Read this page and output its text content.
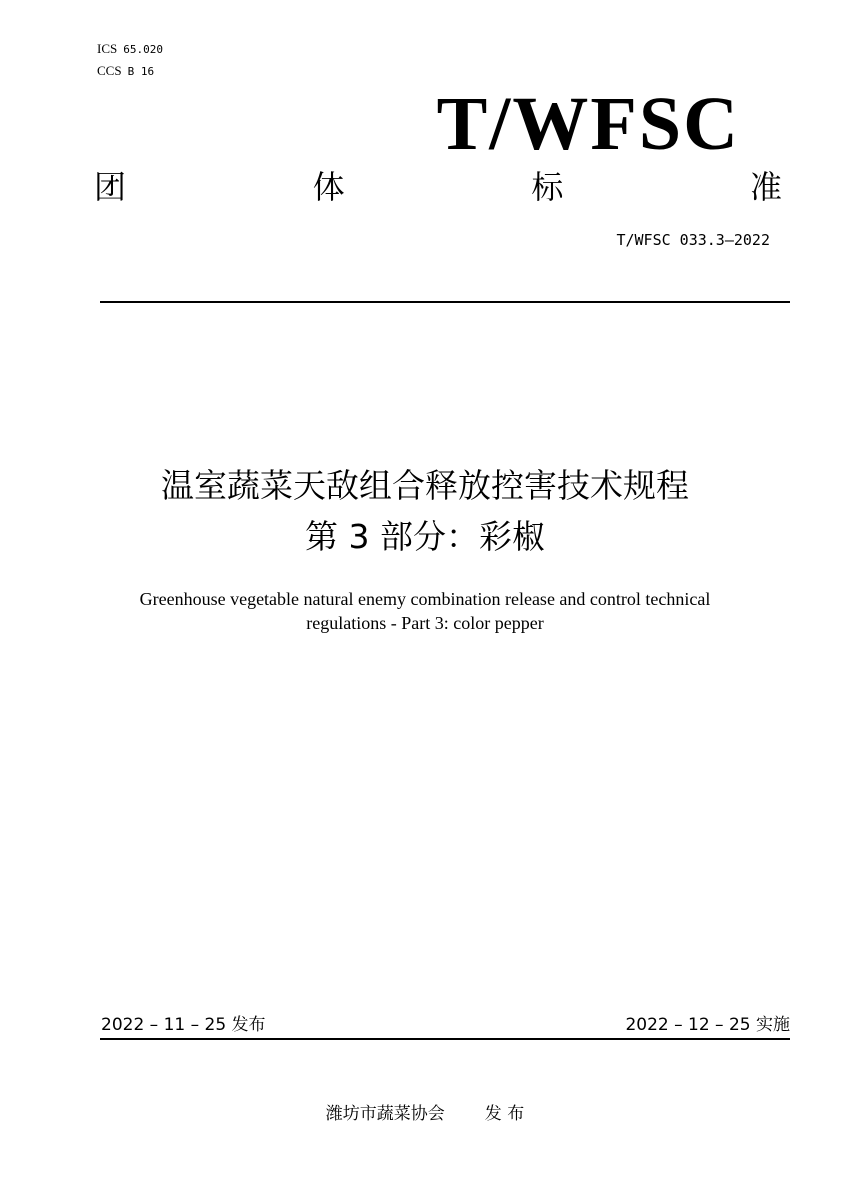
ICS 65.020
CCS B 16
T/WFSC
团	体	标	准
T/WFSC 033.3—2022
温室蔬菜天敌组合释放控害技术规程
第 3 部分：彩椒
Greenhouse vegetable natural enemy combination release and control technical
regulations - Part 3: color pepper
2022 – 11 – 25 发布	2022 – 12 – 25 实施
潍坊市蔬菜协会 发 布
